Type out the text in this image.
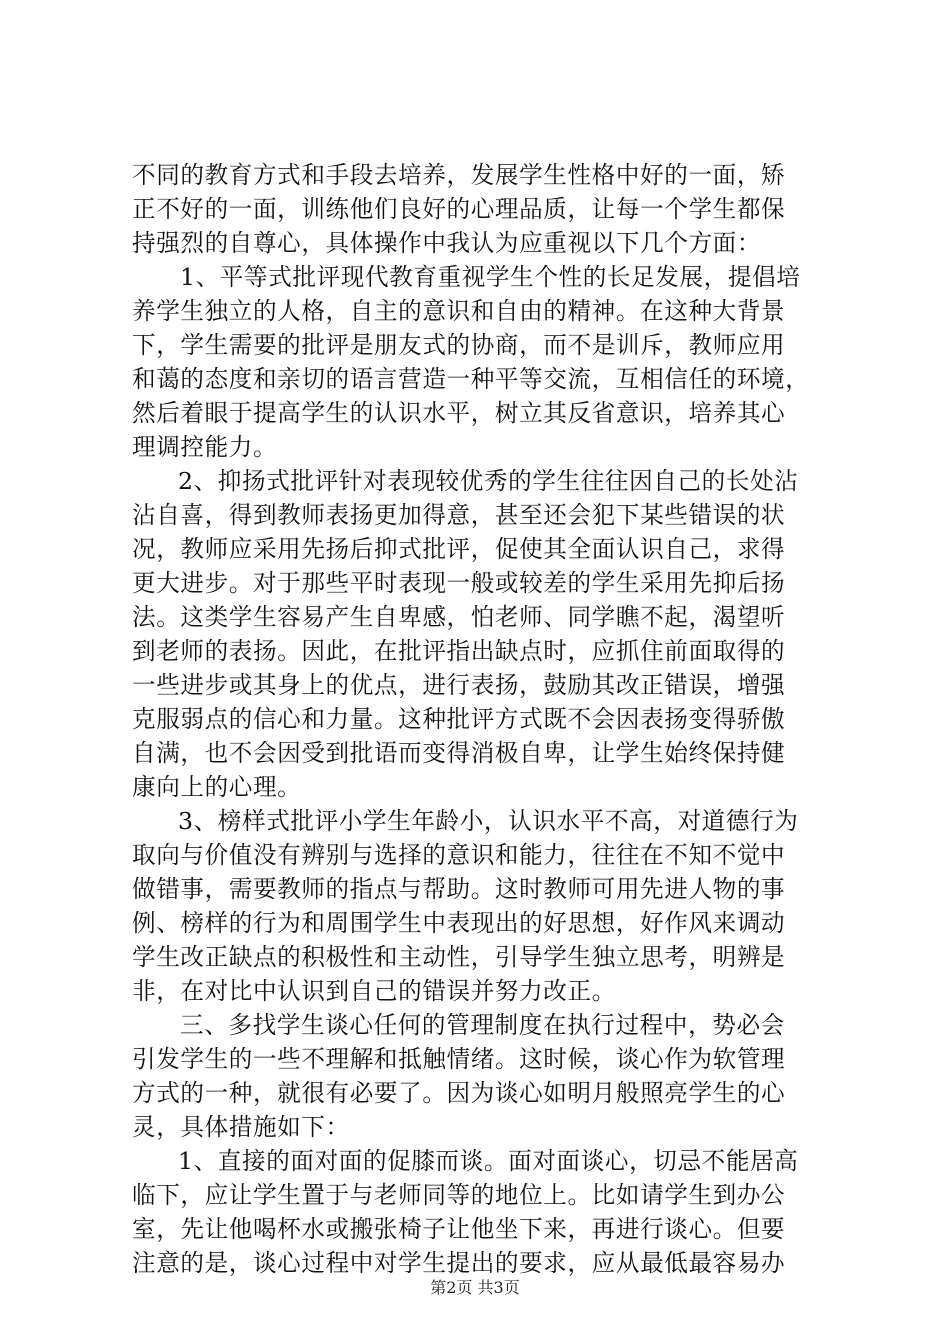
不同的教育方式和手段去培养，发展学生性格中好的一面，矫
正不好的一面，训练他们良好的心理品质，让每一个学生都保
持强烈的自尊心，具体操作中我认为应重视以下几个方面：
1、平等式批评现代教育重视学生个性的长足发展，提倡培
养学生独立的人格，自主的意识和自由的精神。在这种大背景
下，学生需要的批评是朋友式的协商，而不是训斥，教师应用
和蔼的态度和亲切的语言营造一种平等交流，互相信任的环境，
然后着眼于提高学生的认识水平，树立其反省意识，培养其心
理调控能力。
2、抑扬式批评针对表现较优秀的学生往往因自己的长处沾
沾自喜，得到教师表扬更加得意，甚至还会犯下某些错误的状
况，教师应采用先扬后抑式批评，促使其全面认识自己，求得
更大进步。对于那些平时表现一般或较差的学生采用先抑后扬
法。这类学生容易产生自卑感，怕老师、同学瞧不起，渴望听
到老师的表扬。因此，在批评指出缺点时，应抓住前面取得的
一些进步或其身上的优点，进行表扬，鼓励其改正错误，增强
克服弱点的信心和力量。这种批评方式既不会因表扬变得骄傲
自满，也不会因受到批语而变得消极自卑，让学生始终保持健
康向上的心理。
3、榜样式批评小学生年龄小，认识水平不高，对道德行为
取向与价值没有辨别与选择的意识和能力，往往在不知不觉中
做错事，需要教师的指点与帮助。这时教师可用先进人物的事
例、榜样的行为和周围学生中表现出的好思想，好作风来调动
学生改正缺点的积极性和主动性，引导学生独立思考，明辨是
非，在对比中认识到自己的错误并努力改正。
三、多找学生谈心任何的管理制度在执行过程中，势必会
引发学生的一些不理解和抵触情绪。这时候，谈心作为软管理
方式的一种，就很有必要了。因为谈心如明月般照亮学生的心
灵，具体措施如下：
1、直接的面对面的促膝而谈。面对面谈心，切忌不能居高
临下，应让学生置于与老师同等的地位上。比如请学生到办公
室，先让他喝杯水或搬张椅子让他坐下来，再进行谈心。但要
注意的是，谈心过程中对学生提出的要求，应从最低最容易办
第2页 共3页
